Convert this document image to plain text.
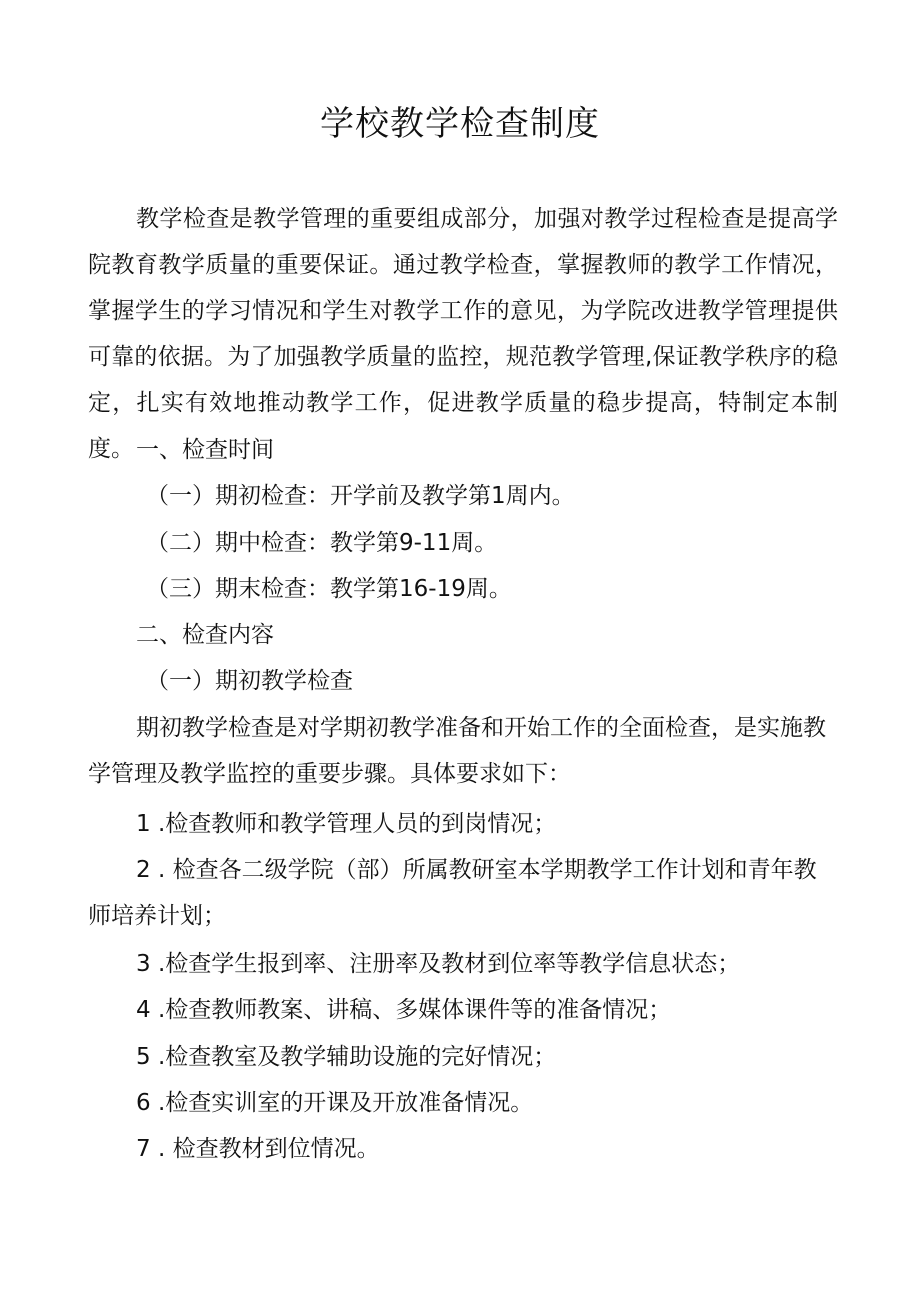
学校教学检查制度

教学检查是教学管理的重要组成部分，加强对教学过程检查是提高学院教育教学质量的重要保证。通过教学检查，掌握教师的教学工作情况，掌握学生的学习情况和学生对教学工作的意见，为学院改进教学管理提供可靠的依据。为了加强教学质量的监控，规范教学管理,保证教学秩序的稳定，扎实有效地推动教学工作，促进教学质量的稳步提高，特制定本制度。 一、检查时间
（一）期初检查：开学前及教学第1周内。
（二）期中检查：教学第9-11周。
（三）期末检查：教学第16-19周。
二、检查内容
（一）期初教学检查
期初教学检查是对学期初教学准备和开始工作的全面检查，是实施教学管理及教学监控的重要步骤。具体要求如下：
1 .检查教师和教学管理人员的到岗情况；
2 . 检查各二级学院（部）所属教研室本学期教学工作计划和青年教师培养计划；
3 .检查学生报到率、注册率及教材到位率等教学信息状态；
4 .检查教师教案、讲稿、多媒体课件等的准备情况；
5 .检查教室及教学辅助设施的完好情况；
6 .检查实训室的开课及开放准备情况。
7 . 检查教材到位情况。
